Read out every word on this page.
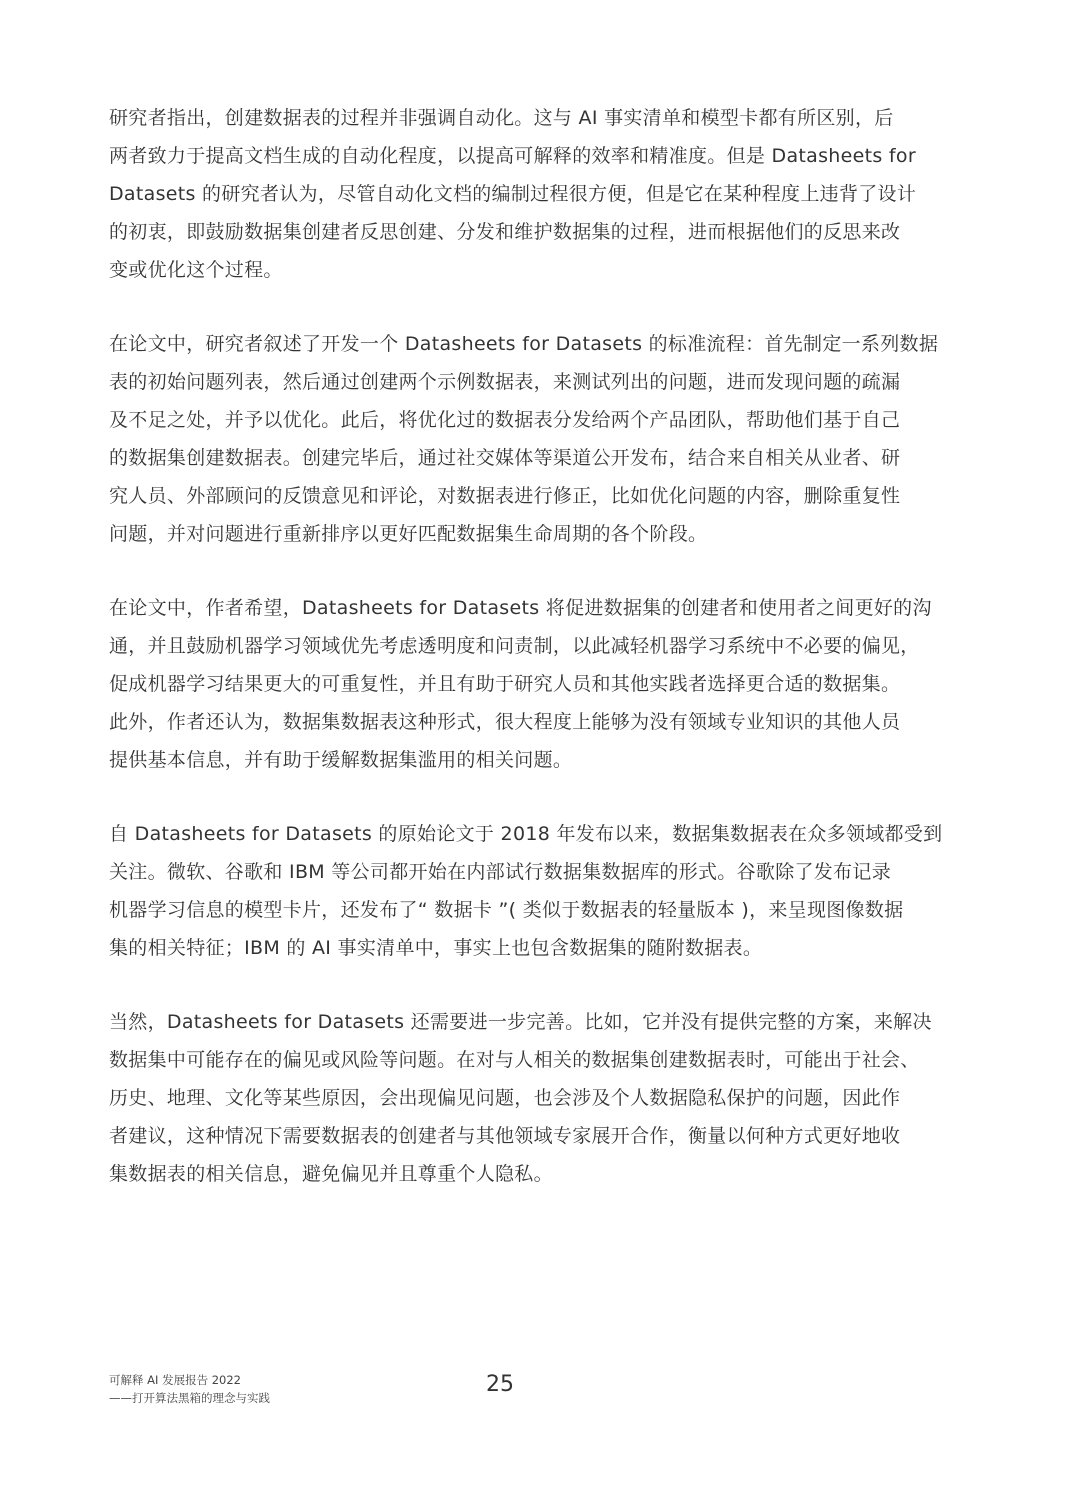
研究者指出，创建数据表的过程并非强调自动化。这与 AI 事实清单和模型卡都有所区别，后
两者致力于提高文档生成的自动化程度，以提高可解释的效率和精准度。但是 Datasheets for
Datasets 的研究者认为，尽管自动化文档的编制过程很方便，但是它在某种程度上违背了设计
的初衷，即鼓励数据集创建者反思创建、分发和维护数据集的过程，进而根据他们的反思来改
变或优化这个过程。

在论文中，研究者叙述了开发一个 Datasheets for Datasets 的标准流程：首先制定一系列数据
表的初始问题列表，然后通过创建两个示例数据表，来测试列出的问题，进而发现问题的疏漏
及不足之处，并予以优化。此后，将优化过的数据表分发给两个产品团队，帮助他们基于自己
的数据集创建数据表。创建完毕后，通过社交媒体等渠道公开发布，结合来自相关从业者、研
究人员、外部顾问的反馈意见和评论，对数据表进行修正，比如优化问题的内容，删除重复性
问题，并对问题进行重新排序以更好匹配数据集生命周期的各个阶段。

在论文中，作者希望，Datasheets for Datasets 将促进数据集的创建者和使用者之间更好的沟
通，并且鼓励机器学习领域优先考虑透明度和问责制，以此减轻机器学习系统中不必要的偏见，
促成机器学习结果更大的可重复性，并且有助于研究人员和其他实践者选择更合适的数据集。
此外，作者还认为，数据集数据表这种形式，很大程度上能够为没有领域专业知识的其他人员
提供基本信息，并有助于缓解数据集滥用的相关问题。

自 Datasheets for Datasets 的原始论文于 2018 年发布以来，数据集数据表在众多领域都受到
关注。微软、谷歌和 IBM 等公司都开始在内部试行数据集数据库的形式。谷歌除了发布记录
机器学习信息的模型卡片，还发布了“ 数据卡 ”( 类似于数据表的轻量版本 )，来呈现图像数据
集的相关特征；IBM 的 AI 事实清单中，事实上也包含数据集的随附数据表。

当然，Datasheets for Datasets 还需要进一步完善。比如，它并没有提供完整的方案，来解决
数据集中可能存在的偏见或风险等问题。在对与人相关的数据集创建数据表时，可能出于社会、
历史、地理、文化等某些原因，会出现偏见问题，也会涉及个人数据隐私保护的问题，因此作
者建议，这种情况下需要数据表的创建者与其他领域专家展开合作，衡量以何种方式更好地收
集数据表的相关信息，避免偏见并且尊重个人隐私。

可解释 AI 发展报告 2022
——打开算法黑箱的理念与实践
25
